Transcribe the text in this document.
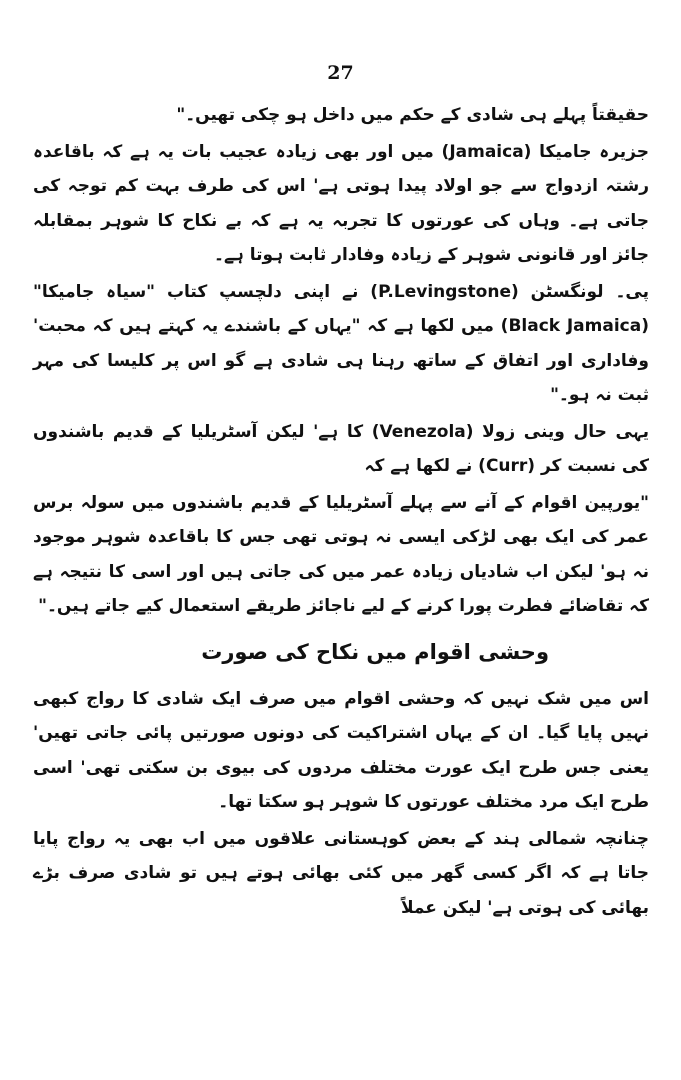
27

حقیقتاً پہلے ہی شادی کے حکم میں داخل ہو چکی تھیں۔"

جزیرہ جامیکا (Jamaica) میں اور بھی زیادہ عجیب بات یہ ہے کہ باقاعدہ رشتہ ازدواج سے جو اولاد پیدا ہوتی ہے' اس کی طرف بہت کم توجہ کی جاتی ہے۔ وہاں کی عورتوں کا تجربہ یہ ہے کہ بے نکاح کا شوہر بمقابلہ جائز اور قانونی شوہر کے زیادہ وفادار ثابت ہوتا ہے۔

پی۔ لونگسٹن (P.Levingstone) نے اپنی دلچسپ کتاب "سیاہ جامیکا" (Black Jamaica) میں لکھا ہے کہ "یہاں کے باشندے یہ کہتے ہیں کہ محبت' وفاداری اور اتفاق کے ساتھ رہنا ہی شادی ہے گو اس پر کلیسا کی مہر ثبت نہ ہو۔"

یہی حال وینی زولا (Venezola) کا ہے' لیکن آسٹریلیا کے قدیم باشندوں کی نسبت کر (Curr) نے لکھا ہے کہ

"یورپین اقوام کے آنے سے پہلے آسٹریلیا کے قدیم باشندوں میں سولہ برس عمر کی ایک بھی لڑکی ایسی نہ ہوتی تھی جس کا باقاعدہ شوہر موجود نہ ہو' لیکن اب شادیاں زیادہ عمر میں کی جاتی ہیں اور اسی کا نتیجہ ہے کہ تقاضائے فطرت پورا کرنے کے لیے ناجائز طریقے استعمال کیے جاتے ہیں۔"

وحشی اقوام میں نکاح کی صورت

اس میں شک نہیں کہ وحشی اقوام میں صرف ایک شادی کا رواج کبھی نہیں پایا گیا۔ ان کے یہاں اشتراکیت کی دونوں صورتیں پائی جاتی تھیں' یعنی جس طرح ایک عورت مختلف مردوں کی بیوی بن سکتی تھی' اسی طرح ایک مرد مختلف عورتوں کا شوہر ہو سکتا تھا۔

چنانچہ شمالی ہند کے بعض کوہستانی علاقوں میں اب بھی یہ رواج پایا جاتا ہے کہ اگر کسی گھر میں کئی بھائی ہوتے ہیں تو شادی صرف بڑے بھائی کی ہوتی ہے' لیکن عملاً
